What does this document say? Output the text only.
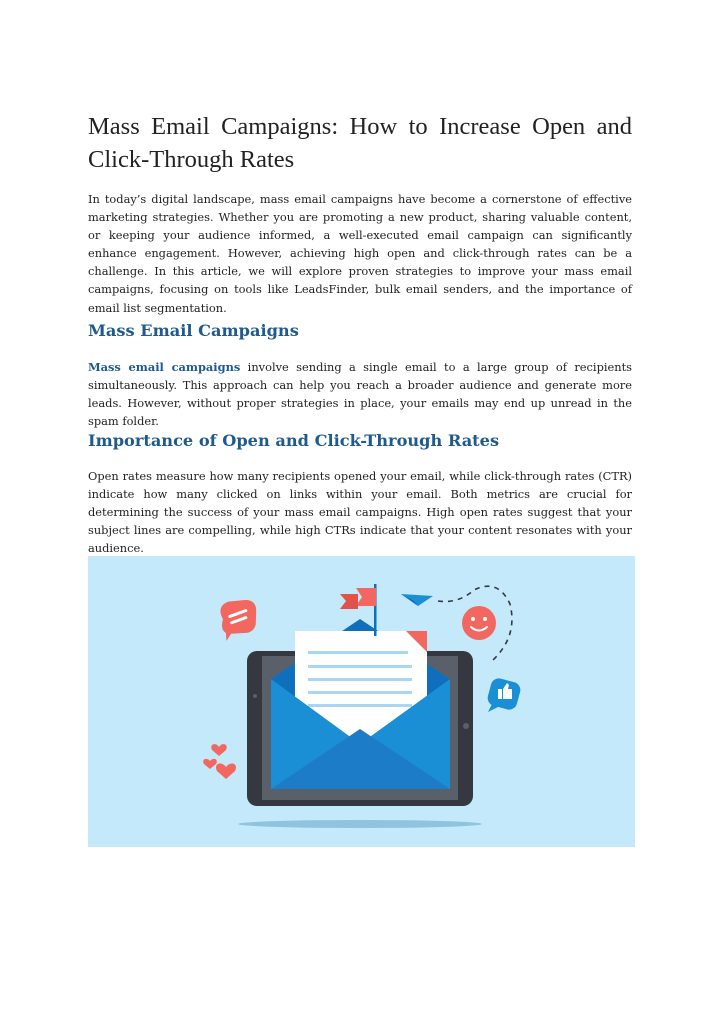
Mass Email Campaigns: How to Increase Open and Click-Through Rates

In today’s digital landscape, mass email campaigns have become a cornerstone of effective marketing strategies. Whether you are promoting a new product, sharing valuable content, or keeping your audience informed, a well-executed email campaign can significantly enhance engagement. However, achieving high open and click-through rates can be a challenge. In this article, we will explore proven strategies to improve your mass email campaigns, focusing on tools like LeadsFinder, bulk email senders, and the importance of email list segmentation.

Mass Email Campaigns

Mass email campaigns involve sending a single email to a large group of recipients simultaneously. This approach can help you reach a broader audience and generate more leads. However, without proper strategies in place, your emails may end up unread in the spam folder.

Importance of Open and Click-Through Rates

Open rates measure how many recipients opened your email, while click-through rates (CTR) indicate how many clicked on links within your email. Both metrics are crucial for determining the success of your mass email campaigns. High open rates suggest that your subject lines are compelling, while high CTRs indicate that your content resonates with your audience.
